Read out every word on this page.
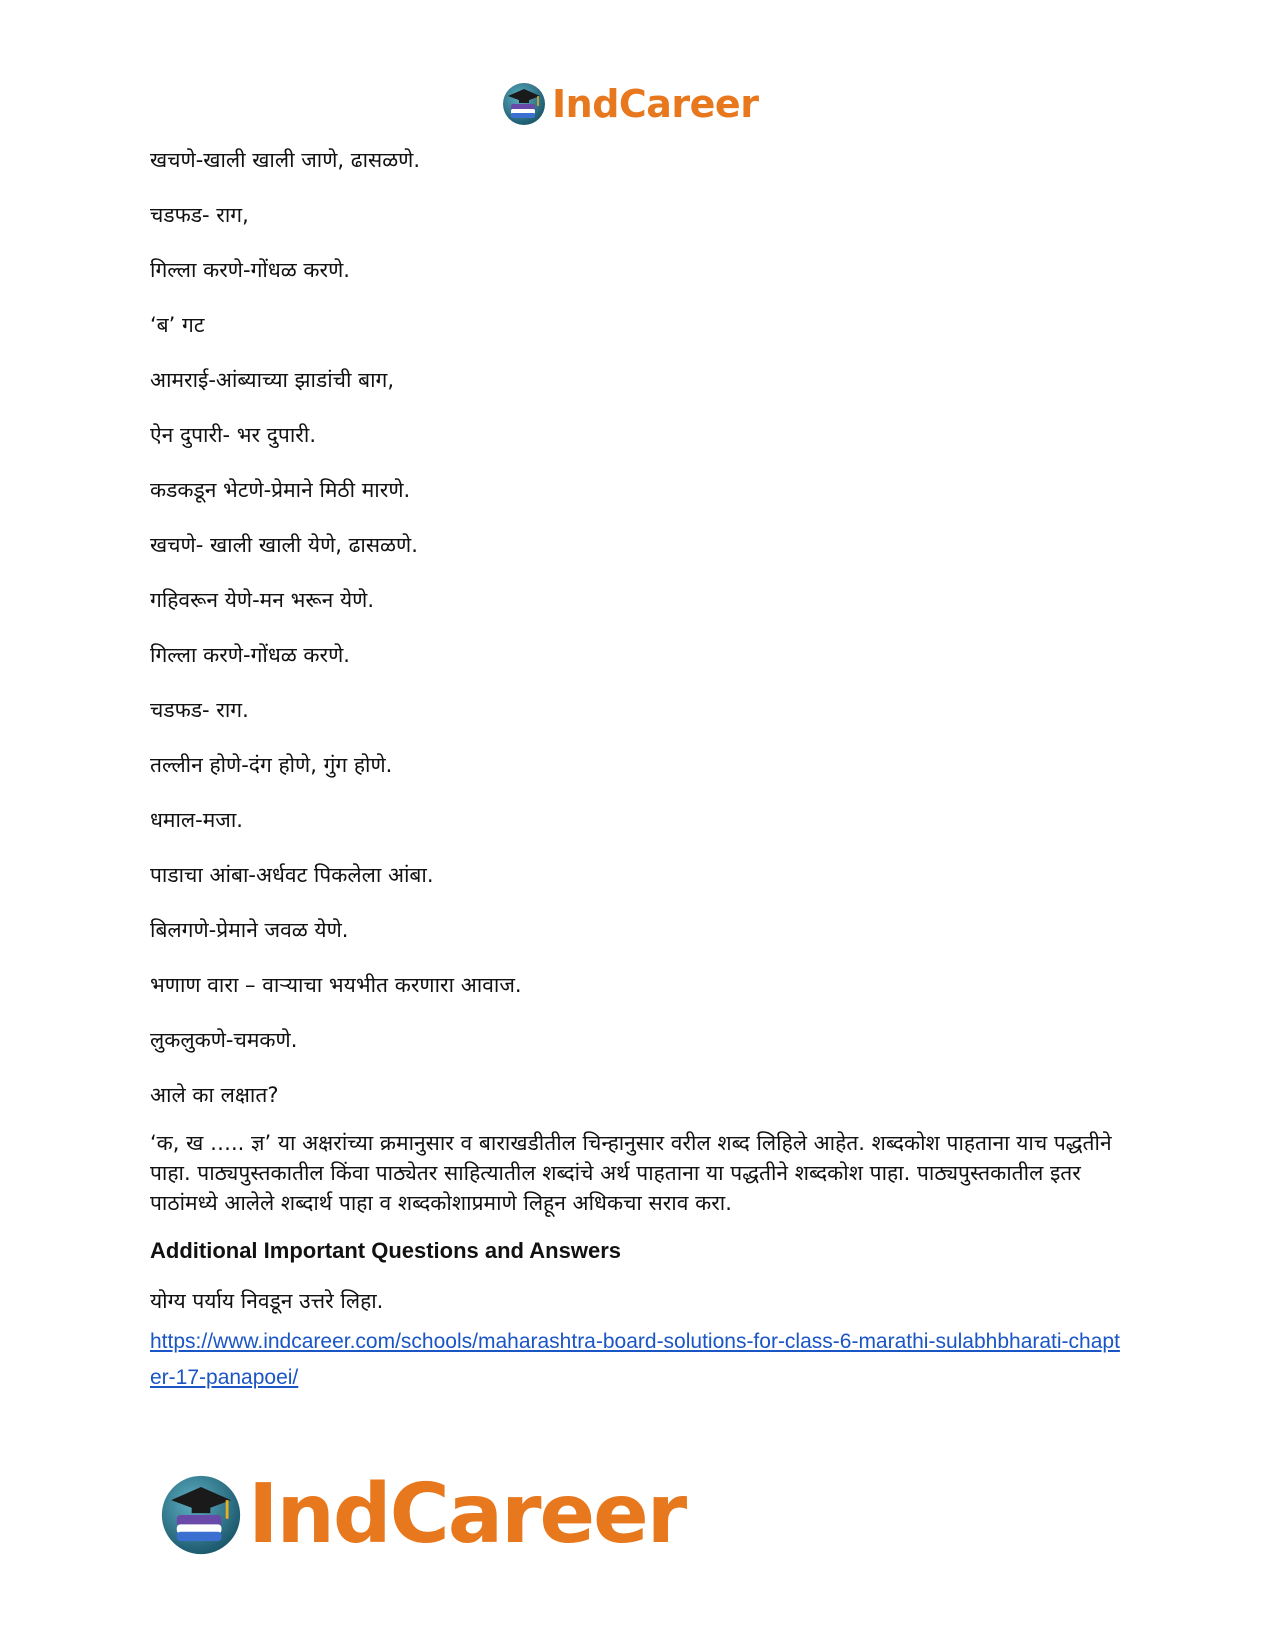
IndCareer

खचणे-खाली खाली जाणे, ढासळणे.

चडफड- राग,

गिल्ला करणे-गोंधळ करणे.

‘ब’ गट

आमराई-आंब्याच्या झाडांची बाग,

ऐन दुपारी- भर दुपारी.

कडकडून भेटणे-प्रेमाने मिठी मारणे.

खचणे- खाली खाली येणे, ढासळणे.

गहिवरून येणे-मन भरून येणे.

गिल्ला करणे-गोंधळ करणे.

चडफड- राग.

तल्लीन होणे-दंग होणे, गुंग होणे.

धमाल-मजा.

पाडाचा आंबा-अर्धवट पिकलेला आंबा.

बिलगणे-प्रेमाने जवळ येणे.

भणाण वारा – वाऱ्याचा भयभीत करणारा आवाज.

लुकलुकणे-चमकणे.

आले का लक्षात?

‘क, ख ….. ज्ञ’ या अक्षरांच्या क्रमानुसार व बाराखडीतील चिन्हानुसार वरील शब्द लिहिले आहेत. शब्दकोश पाहताना याच पद्धतीने पाहा. पाठ्यपुस्तकातील किंवा पाठ्येतर साहित्यातील शब्दांचे अर्थ पाहताना या पद्धतीने शब्दकोश पाहा. पाठ्यपुस्तकातील इतर पाठांमध्ये आलेले शब्दार्थ पाहा व शब्दकोशाप्रमाणे लिहून अधिकचा सराव करा.

Additional Important Questions and Answers

योग्य पर्याय निवडून उत्तरे लिहा.

https://www.indcareer.com/schools/maharashtra-board-solutions-for-class-6-marathi-sulabhbharati-chapter-17-panapoei/
IndCareer
